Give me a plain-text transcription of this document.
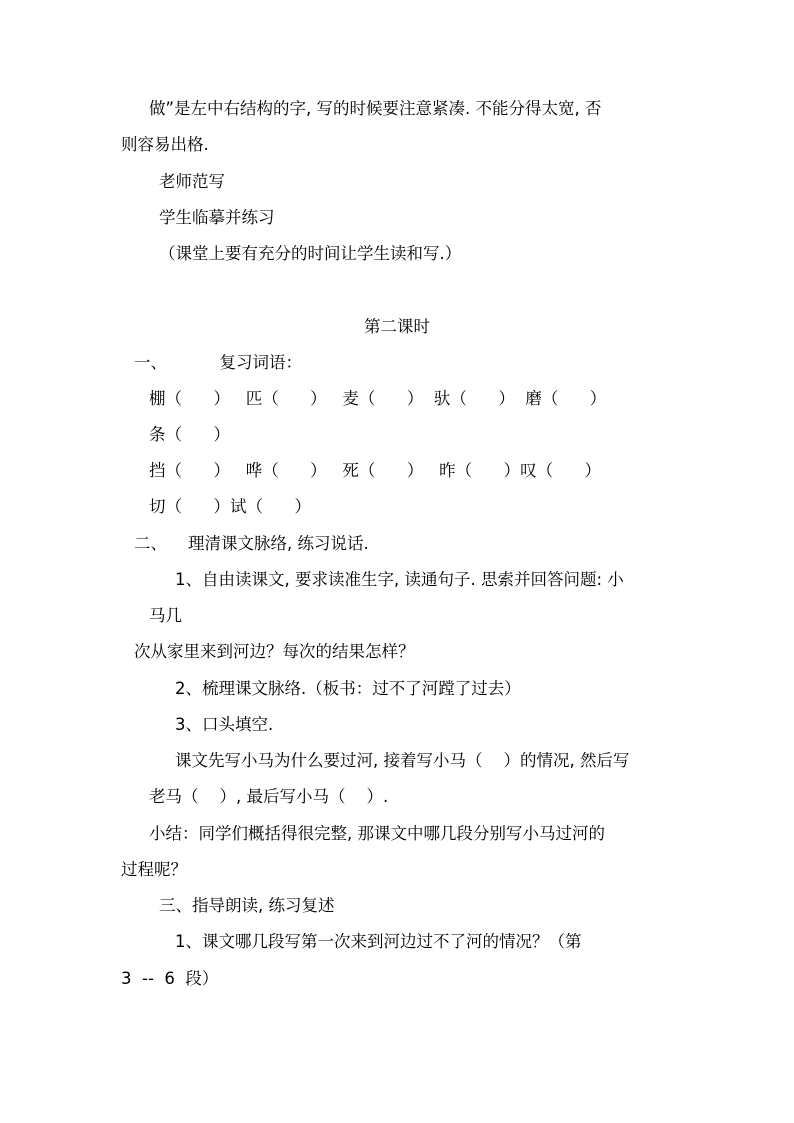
做”是左中右结构的字, 写的时候要注意紧凑. 不能分得太宽, 否
则容易出格.
老师范写
学生临摹并练习
（课堂上要有充分的时间让学生读和写.）
第二课时
一、          复习词语：
棚（      ）   匹（      ）   麦（      ）  驮（      ）  磨（      ）
条（      ）
挡（      ）   哗（      ）   死（      ）   昨（      ）叹（      ）
切（      ）试（      ）
二、    理清课文脉络, 练习说话.
1、自由读课文, 要求读准生字, 读通句子. 思索并回答问题: 小
马几
次从家里来到河边？每次的结果怎样？
2、梳理课文脉络.（板书：过不了河蹚了过去）
3、口头填空.
课文先写小马为什么要过河, 接着写小马（    ）的情况, 然后写
老马（    ）, 最后写小马（    ）.
小结：同学们概括得很完整, 那课文中哪几段分别写小马过河的
过程呢？
三、指导朗读, 练习复述
1、课文哪几段写第一次来到河边过不了河的情况？（第
3  --  6  段）
